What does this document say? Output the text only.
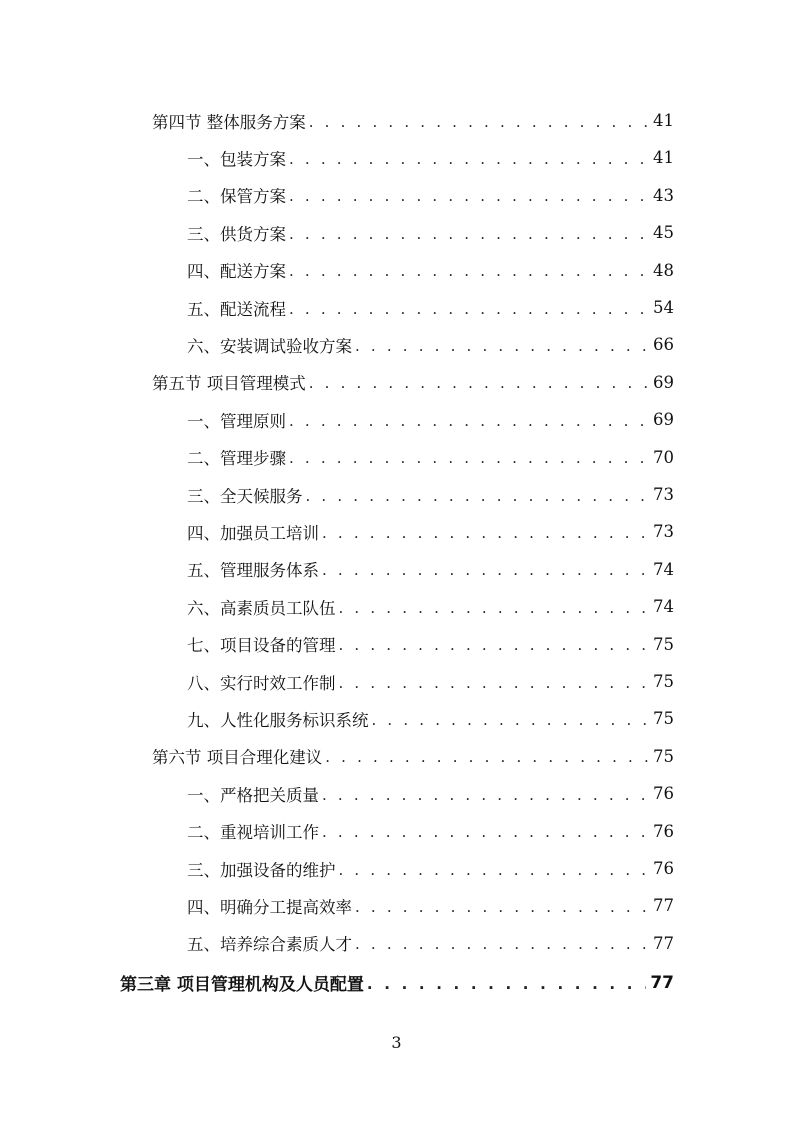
第四节 整体服务方案 . . .	41
一、包装方案 . . .	41
二、保管方案 . . .	43
三、供货方案 . . .	45
四、配送方案 . . .	48
五、配送流程 . . .	54
六、安装调试验收方案 . . .	66
第五节 项目管理模式 . . .	69
一、管理原则 . . .	69
二、管理步骤 . . .	70
三、全天候服务 . . .	73
四、加强员工培训 . . .	73
五、管理服务体系 . . .	74
六、高素质员工队伍 . . .	74
七、项目设备的管理 . . .	75
八、实行时效工作制 . . .	75
九、人性化服务标识系统 . . .	75
第六节 项目合理化建议 . . .	75
一、严格把关质量 . . .	76
二、重视培训工作 . . .	76
三、加强设备的维护 . . .	76
四、明确分工提高效率 . . .	77
五、培养综合素质人才 . . .	77
第三章 项目管理机构及人员配置 . . .	77
3
